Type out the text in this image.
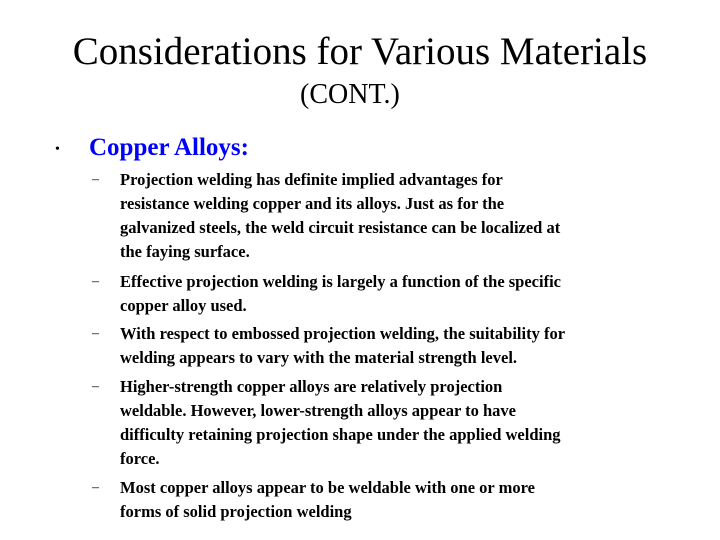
Considerations for Various Materials
(CONT.)
• Copper Alloys:
–	Projection welding has definite implied advantages for
resistance welding copper and its alloys. Just as for the
galvanized steels, the weld circuit resistance can be localized at
the faying surface.
–	Effective projection welding is largely a function of the specific
copper alloy used.
–	With respect to embossed projection welding, the suitability for
welding appears to vary with the material strength level.
–	Higher-strength copper alloys are relatively projection
weldable. However, lower-strength alloys appear to have
difficulty retaining projection shape under the applied welding
force.
–	Most copper alloys appear to be weldable with one or more
forms of solid projection welding
